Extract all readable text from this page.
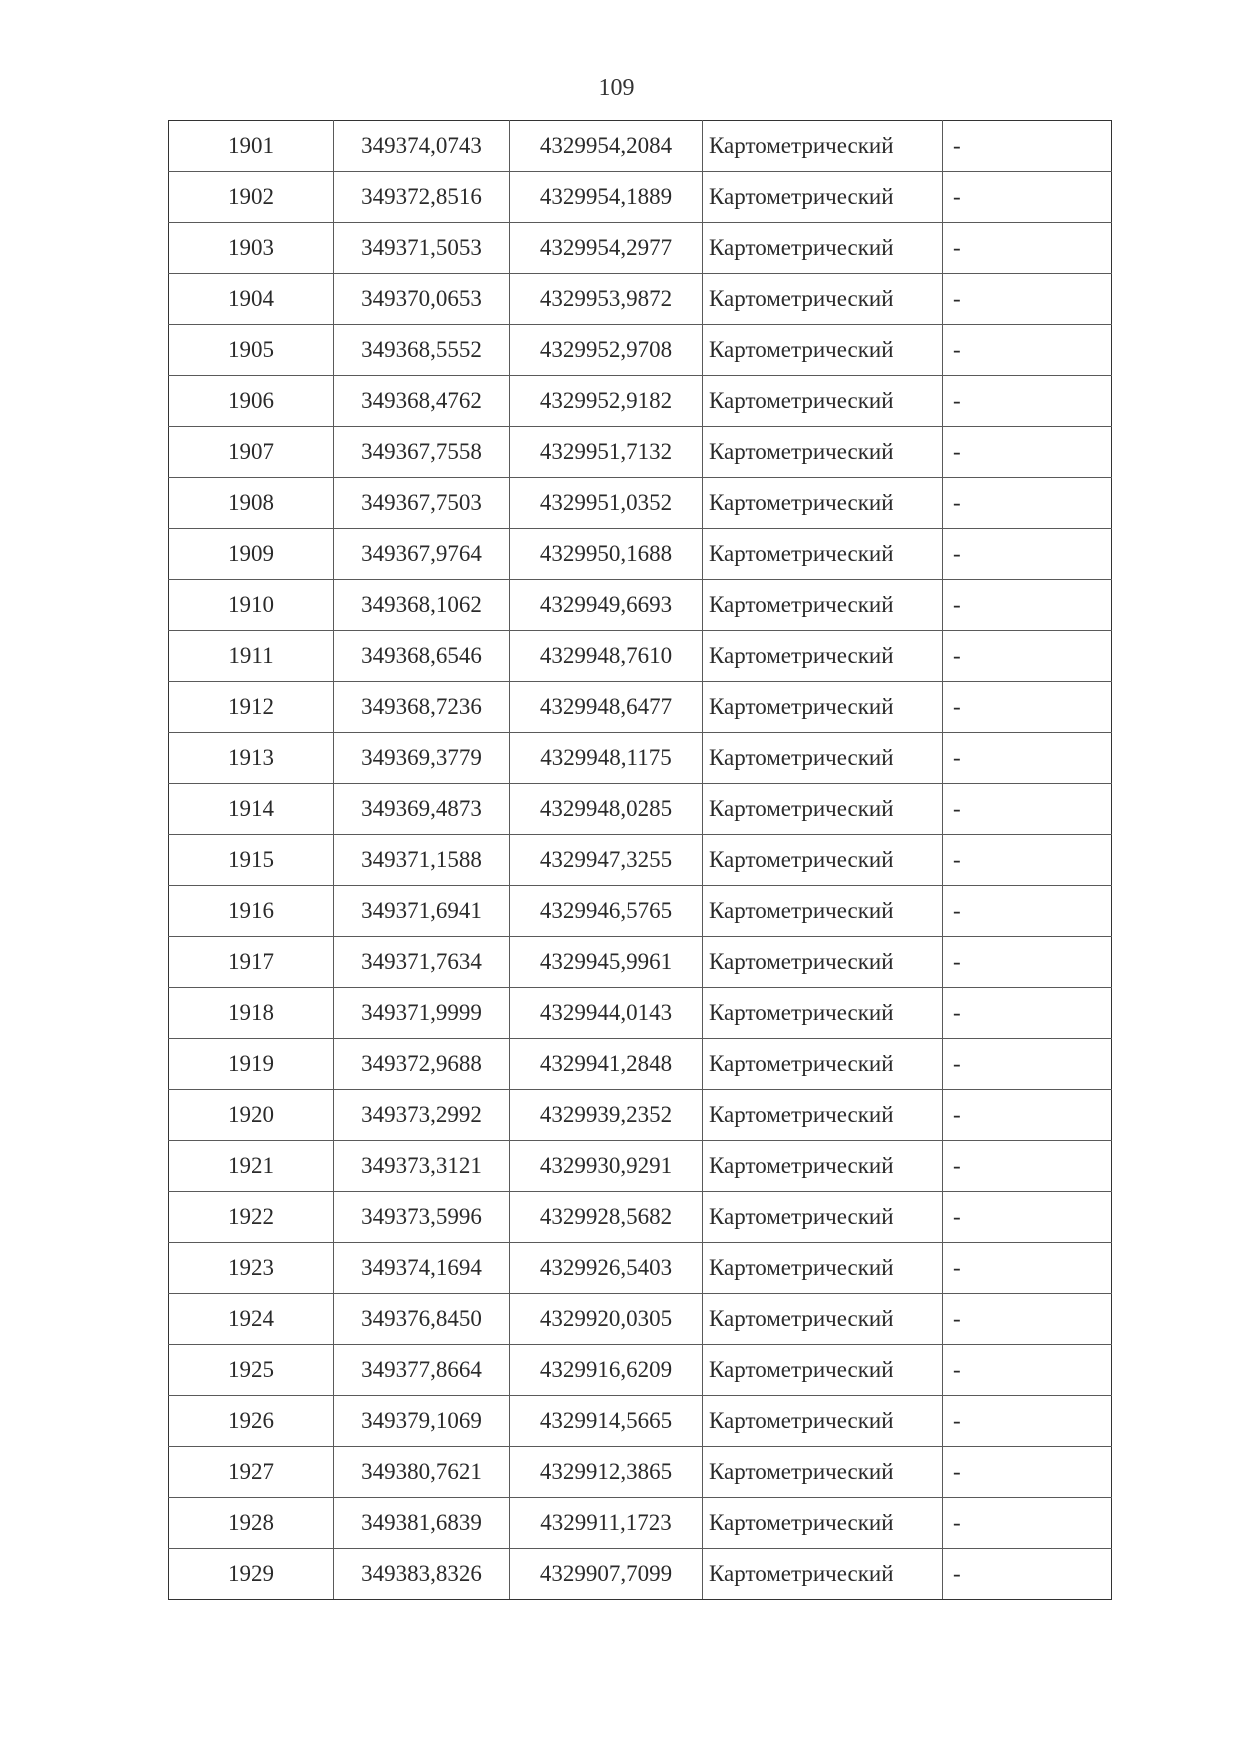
109
1901	349374,0743	4329954,2084	Картометрический	-
1902	349372,8516	4329954,1889	Картометрический	-
1903	349371,5053	4329954,2977	Картометрический	-
1904	349370,0653	4329953,9872	Картометрический	-
1905	349368,5552	4329952,9708	Картометрический	-
1906	349368,4762	4329952,9182	Картометрический	-
1907	349367,7558	4329951,7132	Картометрический	-
1908	349367,7503	4329951,0352	Картометрический	-
1909	349367,9764	4329950,1688	Картометрический	-
1910	349368,1062	4329949,6693	Картометрический	-
1911	349368,6546	4329948,7610	Картометрический	-
1912	349368,7236	4329948,6477	Картометрический	-
1913	349369,3779	4329948,1175	Картометрический	-
1914	349369,4873	4329948,0285	Картометрический	-
1915	349371,1588	4329947,3255	Картометрический	-
1916	349371,6941	4329946,5765	Картометрический	-
1917	349371,7634	4329945,9961	Картометрический	-
1918	349371,9999	4329944,0143	Картометрический	-
1919	349372,9688	4329941,2848	Картометрический	-
1920	349373,2992	4329939,2352	Картометрический	-
1921	349373,3121	4329930,9291	Картометрический	-
1922	349373,5996	4329928,5682	Картометрический	-
1923	349374,1694	4329926,5403	Картометрический	-
1924	349376,8450	4329920,0305	Картометрический	-
1925	349377,8664	4329916,6209	Картометрический	-
1926	349379,1069	4329914,5665	Картометрический	-
1927	349380,7621	4329912,3865	Картометрический	-
1928	349381,6839	4329911,1723	Картометрический	-
1929	349383,8326	4329907,7099	Картометрический	-
